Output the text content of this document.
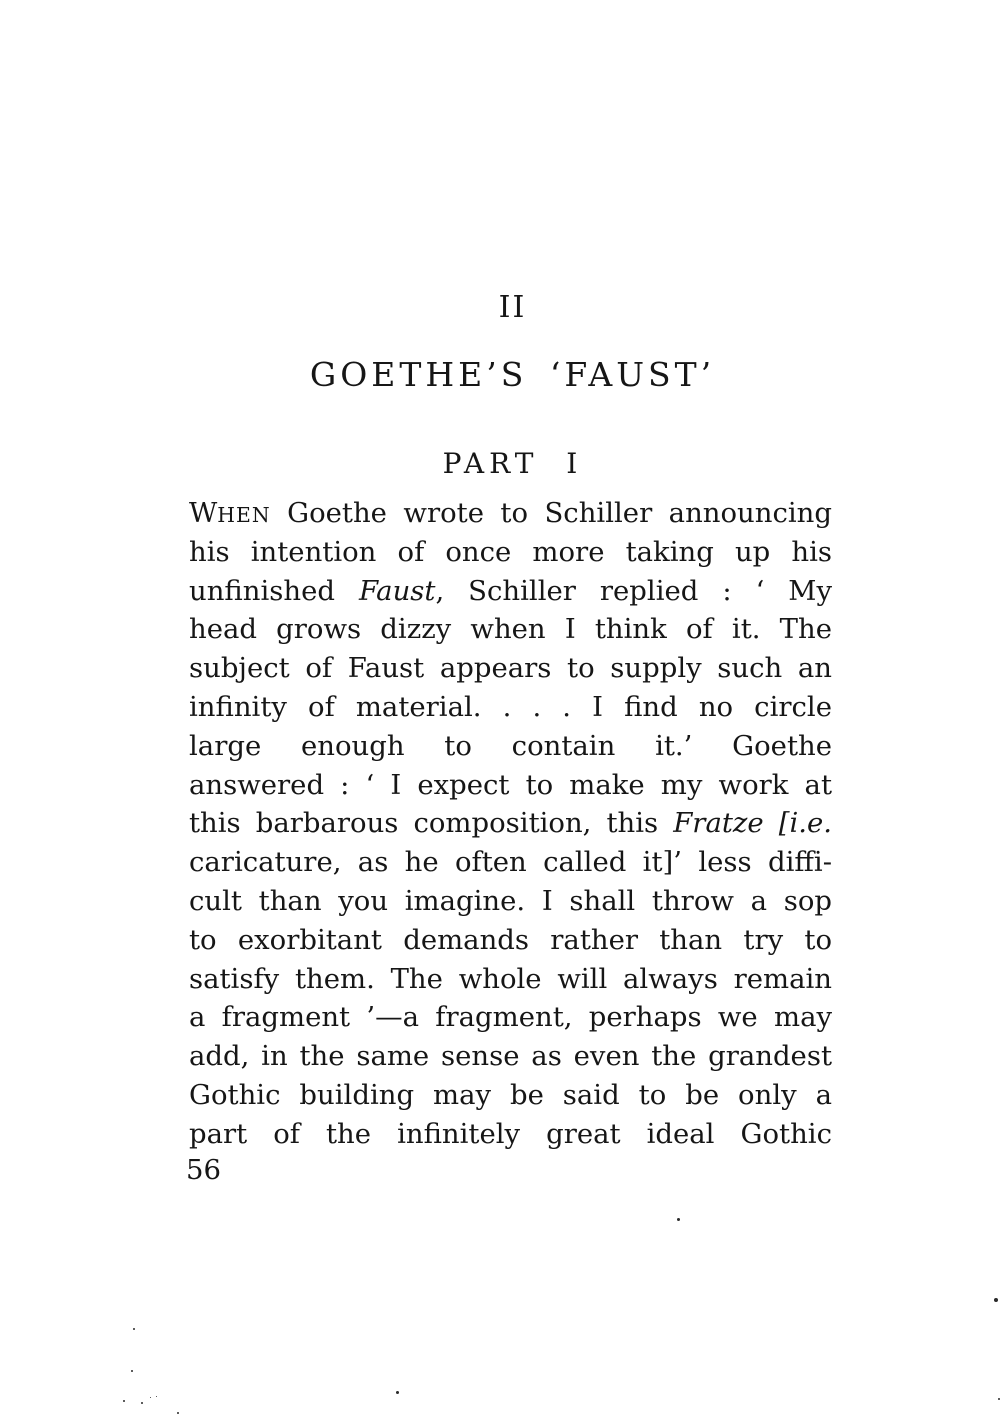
II
GOETHE’S ‘FAUST’
PART I
WHEN Goethe wrote to Schiller announcing
his intention of once more taking up his
unfinished Faust, Schiller replied : ‘ My
head grows dizzy when I think of it. The
subject of Faust appears to supply such an
infinity of material. . . . I find no circle
large enough to contain it.’ Goethe
answered : ‘ I expect to make my work at
this barbarous composition, this Fratze [i.e.
caricature, as he often called it]’ less diffi-
cult than you imagine. I shall throw a sop
to exorbitant demands rather than try to
satisfy them. The whole will always remain
a fragment ’—a fragment, perhaps we may
add, in the same sense as even the grandest
Gothic building may be said to be only a
part of the infinitely great ideal Gothic
56
